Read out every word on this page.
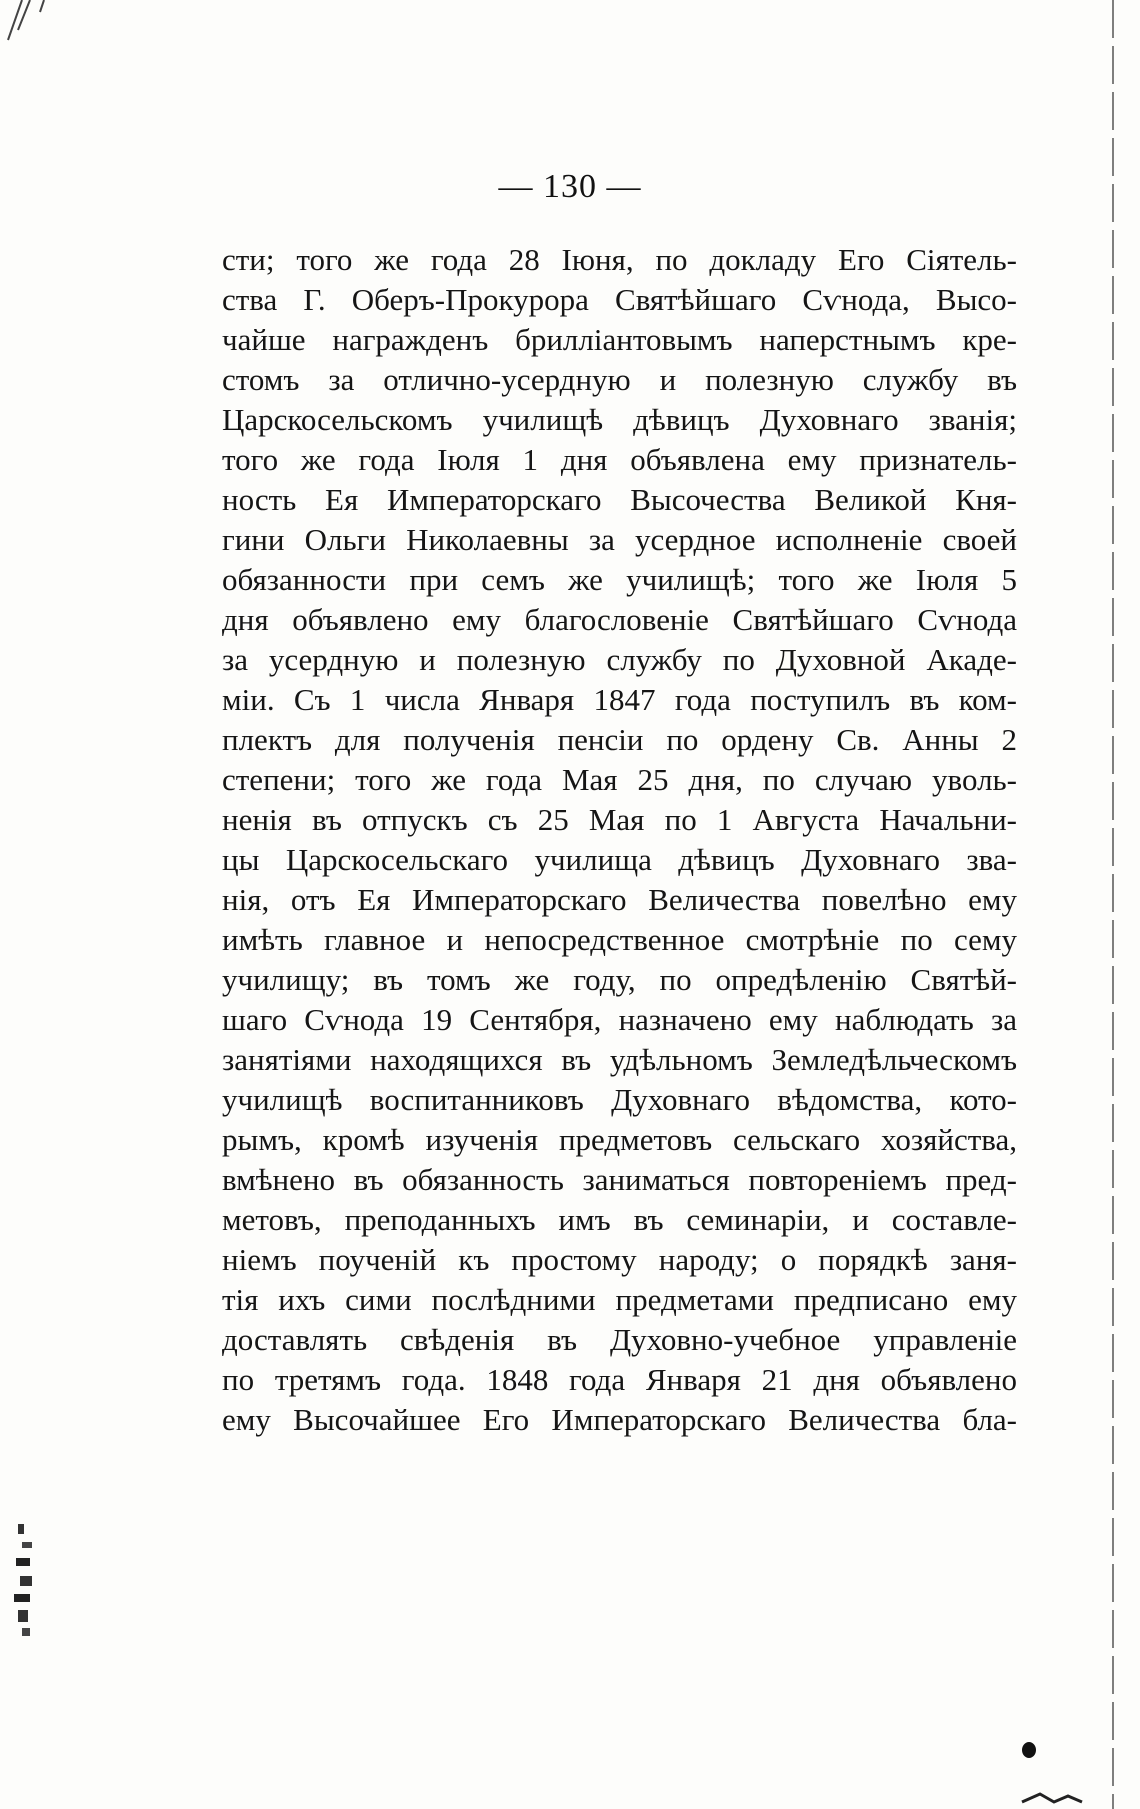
— 130 —
сти; того же года 28 Іюня, по докладу Его Сіятель-
ства Г. Оберъ-Прокурора Святѣйшаго Сѵнода, Высо-
чайше награжденъ брилліантовымъ наперстнымъ кре-
стомъ за отлично-усердную и полезную службу въ
Царскосельскомъ училищѣ дѣвицъ Духовнаго званія;
того же года Іюля 1 дня объявлена ему признатель-
ность Ея Императорскаго Высочества Великой Кня-
гини Ольги Николаевны за усердное исполненіе своей
обязанности при семъ же училищѣ; того же Іюля 5
дня объявлено ему благословеніе Святѣйшаго Сѵнода
за усердную и полезную службу по Духовной Акаде-
міи. Съ 1 числа Января 1847 года поступилъ въ ком-
плектъ для полученія пенсіи по ордену Св. Анны 2
степени; того же года Мая 25 дня, по случаю уволь-
ненія въ отпускъ съ 25 Мая по 1 Августа Начальни-
цы Царскосельскаго училища дѣвицъ Духовнаго зва-
нія, отъ Ея Императорскаго Величества повелѣно ему
имѣть главное и непосредственное смотрѣніе по сему
училищу; въ томъ же году, по опредѣленію Святѣй-
шаго Сѵнода 19 Сентября, назначено ему наблюдать за
занятіями находящихся въ удѣльномъ Земледѣльческомъ
училищѣ воспитанниковъ Духовнаго вѣдомства, кото-
рымъ, кромѣ изученія предметовъ сельскаго хозяйства,
вмѣнено въ обязанность заниматься повтореніемъ пред-
метовъ, преподанныхъ имъ въ семинаріи, и составле-
ніемъ поученій къ простому народу; о порядкѣ заня-
тія ихъ сими послѣдними предметами предписано ему
доставлять свѣденія въ Духовно-учебное управленіе
по третямъ года. 1848 года Января 21 дня объявлено
ему Высочайшее Его Императорскаго Величества бла-
